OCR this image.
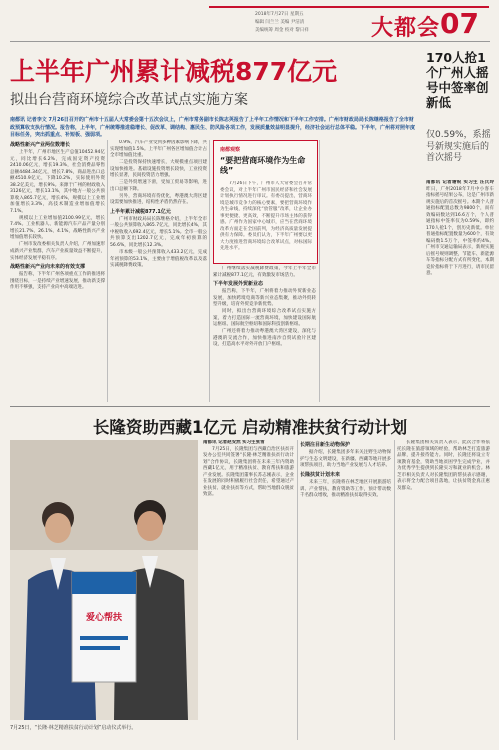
2018年7月27日 星期五
编辑 闫兰兰 美编 尹洁清
美编统筹 周金 校对 黎日祥	大都会 07
上半年广州累计减税877亿元
拟出台营商环境综合改革试点实施方案
南都讯 记者李文 7月26日召开的广州市十五届人大常委会第十五次会议上，广州市常务副市长陈志英报告了上半年工作情况和下半年工作安排。广州市财政局局长陈继格报告了全市财政预算收支执行情况。报告称，上半年，广州统筹推进稳增长、促改革、调结构、惠民生、防风险各项工作，发展质量效益明显提升，经济社会运行总体平稳。下半年，广州将对照年度目标任务，突出抓重点、补短板、强弱项。
战略性新兴产业两位数增长
上半年，广州市地区生产总值10452.94亿元，同比增长6.2%，完成固定资产投资2410.06亿元，增长19.3%，社会消费品零售总额4484.34亿元，增长7.8%，商品进出口总额4510.9亿元，下降10.2%，实际使用外资38.2亿美元，增长9%。来源于广州的财政收入3126亿元，增长13.1%，其中地方一般公共预算收入865.7亿元，增长4%，规模以上工业增加值增长3.3%，高技术制造业增加值增长7.1%。
规模以上工业增加值2100.99亿元，增长7.4%。工业机器人、新能源汽车产品产量分别增长21.7%、26.1%、4.1%，战略性新兴产业增加值增长较快。
广州市发改委相关负责人介绍，广州加速形成新兴产业集群，汽车产业质量效益不断提升，实体经济发展平稳有序。
战略性新兴产业向未来的有效支撑
报告称，下半年广州各项重点工作的推进将围绕目标，一是持续产业增速发展，推动新支撑作用不够强，支持产业向中高端迈进。
0.9%，汽车产业受到多种因素影响下降，共实现增加值1.5%。上半年广州各区增加值合计占全市增加值比重。
二是投资保持快速增长，大规模重点项目建设加快推进。基础设施投资增长较快，工业投资增长显著，民间投资活力增强。
三是外贸增速下滑，受加工贸易等影响，进出口总额下降。
另外，营商环境有待优化，粤港澳大湾区建设需要加快推进，结构性矛盾仍然存在。
上半年累计减税877.1亿元
广州市财政局局长陈继格介绍，上半年全市一般公共预算收入865.7亿元，同比增长4%，其中税收收入692.4亿元，增长5.1%。全市一般公共预算支出1202.7亿元，完成年初预算的56.6%，同比增长12.3%。
市本级一般公共预算收入433.2亿元，完成年初预算的53.1%，主要由于增值税改革以及落实减税降费政策。
南都观察
“要把营商环境作为生命线”
7月26日下午，广州市人大常委会召开常委会议，对上半年广州市国民经济和社会发展计划执行情况进行审议。有委员提出，营商环境是城市竞争力的核心要素，要把营商环境作为生命线，持续深化“放管服”改革，让企业办事更便捷、更高效，不断提升市场主体的获得感。广州作为国家中心城市，应当在营商环境改革方面走在全国前列，为经济高质量发展提供有力保障。委员们认为，下半年广州要以更大力度推进营商环境综合改革试点，对标国际先进水平。
广州继续落实减税降费政策，今年上半年全市累计减税877.1亿元，有效激发市场活力。
下半年发展外贸新业态
报告称，下半年，广州将着力推动外贸新业态发展，加快跨境电商等新兴业态集聚，推动外贸转型升级，培育外贸竞争新优势。
同时，拟出台营商环境综合改革试点实施方案，着力打造国际一流营商环境，加快建设国际航运枢纽、国际航空枢纽和国际科技创新枢纽。
广州还将着力推动粤港澳大湾区建设，深化与港澳的交流合作，加快推进南沙自贸试验片区建设，打造高水平对外开放门户枢纽。
170人抢1个广州人摇号中签率创新低
仅0.59%，系摇号新规实施后的首次摇号
南都讯 记者谢锐 实习生 汪氏玲 昨日，广州2018年7月中小客车指标摇号结果公布，这是广州市新规实施后的首次摇号。本期个人普通指标配置总数为9800个，而有效编码数达到16.6万个，个人普通指标中签率仅为0.59%，即约170人抢1个，创历史新低。单位普通指标配置数量为600个，有效编码数1.5万个，中签率约4%。广州市交通运输局表示，新规实施后摇号规则调整，节能车、新能源车等指标分配方式有所变化，本期竞价指标将于下月进行，请市民留意。
长隆资助西藏1亿元 启动精准扶贫行动计划
爱心帮扶
7月25日，“长隆·林芝精准扶贫行动计划”启动仪式举行。
南都讯 记者赵安然 实习生张雪
7月25日，长隆集团与西藏自治区扶贫开发办公室共同签署“长隆·林芝精准扶贫行动计划”合作协议，长隆集团将在未来三年内资助西藏1亿元，用于精准扶贫、教育帮扶和旅游产业发展。长隆集团董事长苏志刚表示，企业在发展的同时积极履行社会责任，希望通过产业扶贫、就业扶贫等方式，帮助当地群众脱贫致富。
长期注目新生动物保护
据介绍，长隆集团多年来关注野生动物保护与生态文明建设，在新疆、西藏等地开展多项帮扶项目，助力当地产业发展与人才培养。
长隆扶贫计划未来
未来三年，长隆将在林芝地区开展旅游培训、产业帮扶、教育资助等工作，预计带动数千名群众增收，推动精准扶贫取得实效。
长隆集团相关负责人表示，此次合作将依托长隆在旅游领域的经验，帮助林芝打造旅游品牌，提升接待能力。同时，长隆还将设立专项教育基金，资助当地贫困学生完成学业，并为优秀学生提供到长隆实习和就业的机会。林芝市相关负责人对长隆集团的帮扶表示感谢，表示将全力配合项目落地，让扶贫资金真正惠及群众。
